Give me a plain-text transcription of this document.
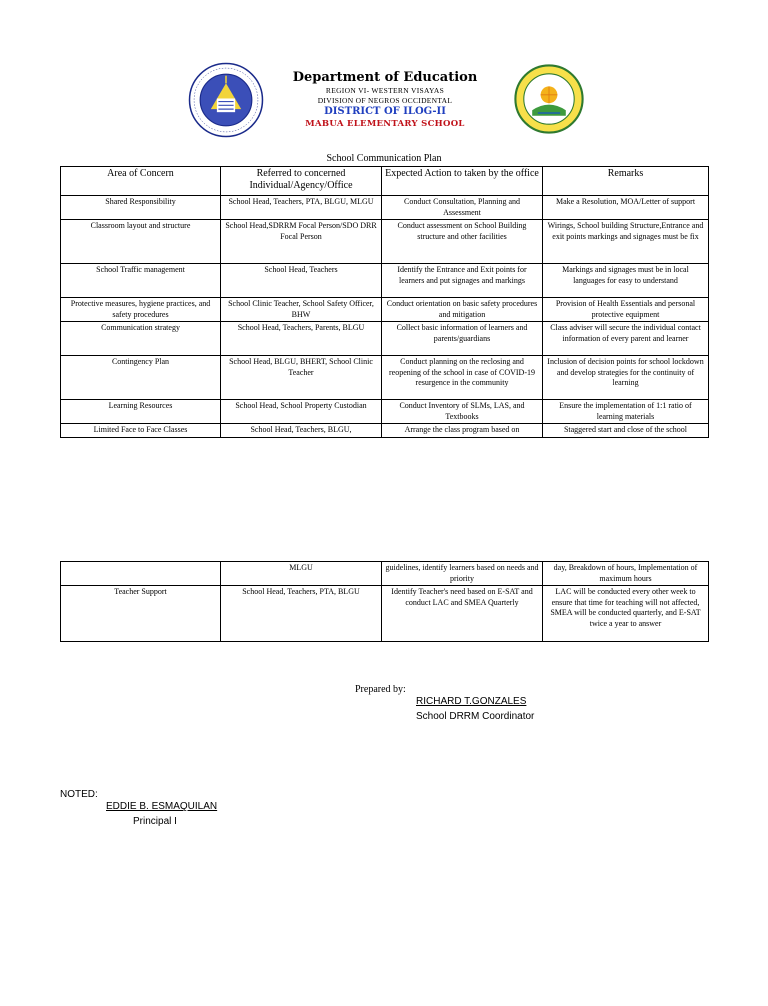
Department of Education
REGION VI- WESTERN VISAYAS
DIVISION OF NEGROS OCCIDENTAL
DISTRICT OF ILOG-II
MABUA ELEMENTARY SCHOOL
School Communication Plan
Area of Concern	Referred to concerned Individual/Agency/Office	Expected Action to taken by the office	Remarks
Shared Responsibility	School Head, Teachers, PTA, BLGU, MLGU	Conduct Consultation, Planning and Assessment	Make a Resolution, MOA/Letter of support
Classroom layout and structure	School Head,SDRRM Focal Person/SDO DRR Focal Person	Conduct assessment on School Building structure and other facilities	Wirings, School building Structure,Entrance and exit points markings and signages must be fix
School Traffic management	School Head, Teachers	Identify the Entrance and Exit points for learners and put signages and markings	Markings and signages must be in local languages for easy to understand
Protective measures, hygiene practices, and safety procedures	School Clinic Teacher, School Safety Officer, BHW	Conduct orientation on basic safety procedures and mitigation	Provision of Health Essentials and personal protective equipment
Communication strategy	School Head, Teachers, Parents, BLGU	Collect basic information of learners and parents/guardians	Class adviser will secure the individual contact information of every parent and learner
Contingency Plan	School Head, BLGU, BHERT, School Clinic Teacher	Conduct planning on the reclosing and reopening of the school in case of COVID-19 resurgence in the community	Inclusion of decision points for school lockdown and develop strategies for the continuity of learning
Learning Resources	School Head, School Property Custodian	Conduct Inventory of SLMs, LAS, and Textbooks	Ensure the implementation of 1:1 ratio of learning materials
Limited Face to Face Classes	School Head, Teachers, BLGU,	Arrange the class program based on	Staggered start and close of the school
	MLGU	guidelines, identify learners based on needs and priority	day, Breakdown of hours, Implementation of maximum hours
Teacher Support	School Head, Teachers, PTA, BLGU	Identify Teacher's need based on E-SAT and conduct LAC and SMEA Quarterly	LAC will be conducted every other week to ensure that time for teaching will not affected, SMEA will be conducted quarterly, and E-SAT twice a year to answer
Prepared by:
RICHARD T.GONZALES
School DRRM Coordinator
NOTED:
EDDIE B. ESMAQUILAN
Principal I
